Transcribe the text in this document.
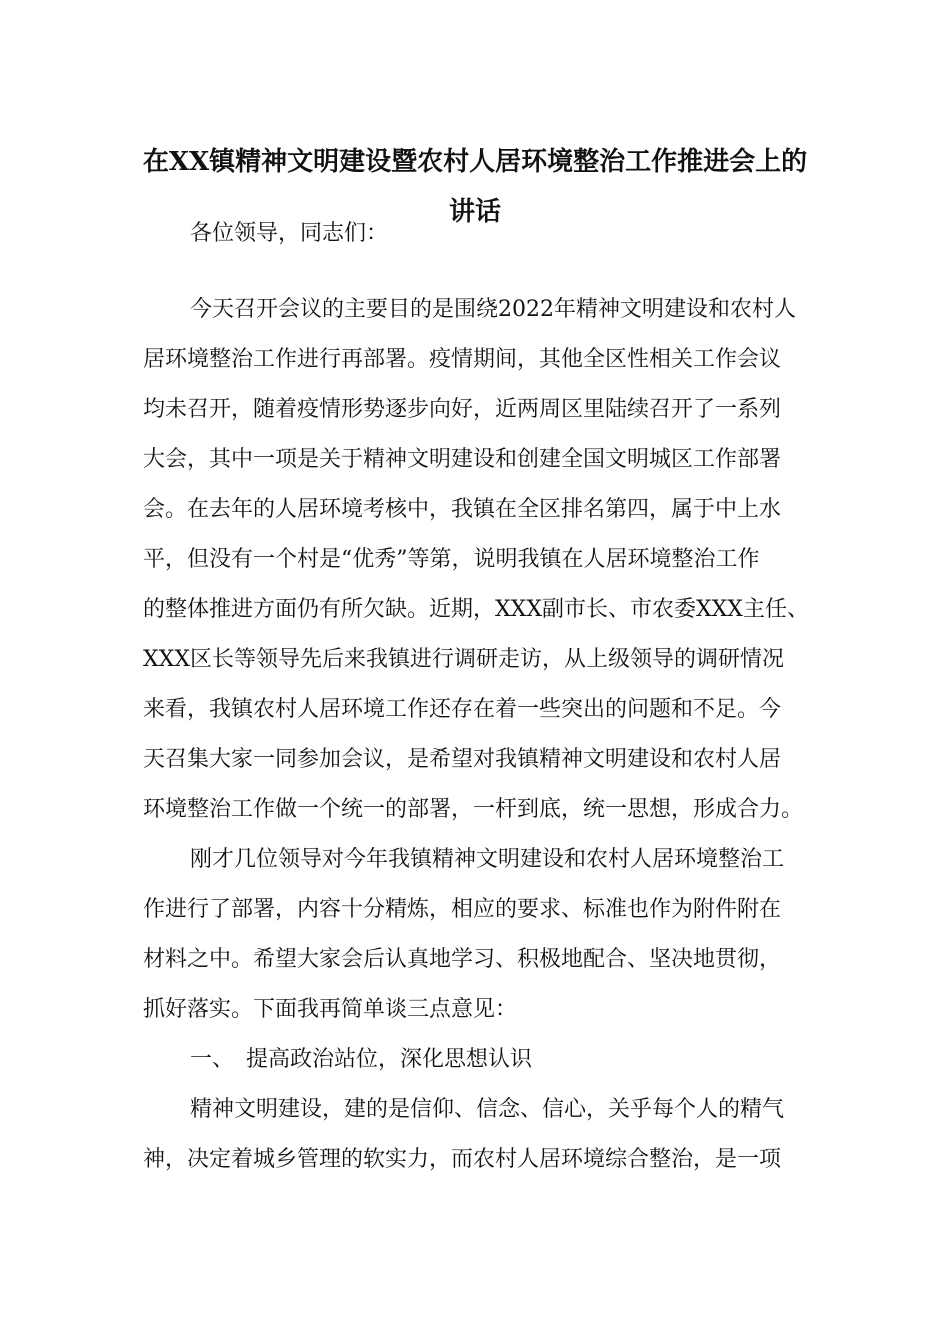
在XX镇精神文明建设暨农村人居环境整治工作推进会上的
讲话

各位领导，同志们：

今天召开会议的主要目的是围绕2022年精神文明建设和农村人

居环境整治工作进行再部署。疫情期间，其他全区性相关工作会议

均未召开，随着疫情形势逐步向好，近两周区里陆续召开了一系列

大会，其中一项是关于精神文明建设和创建全国文明城区工作部署

会。在去年的人居环境考核中，我镇在全区排名第四，属于中上水

平，但没有一个村是“优秀”等第，说明我镇在人居环境整治工作

的整体推进方面仍有所欠缺。近期，XXX副市长、市农委XXX主任、

XXX区长等领导先后来我镇进行调研走访，从上级领导的调研情况

来看，我镇农村人居环境工作还存在着一些突出的问题和不足。今

天召集大家一同参加会议，是希望对我镇精神文明建设和农村人居

环境整治工作做一个统一的部署，一杆到底，统一思想，形成合力。

刚才几位领导对今年我镇精神文明建设和农村人居环境整治工

作进行了部署，内容十分精炼，相应的要求、标准也作为附件附在

材料之中。希望大家会后认真地学习、积极地配合、坚决地贯彻，

抓好落实。下面我再简单谈三点意见：

一、 提高政治站位，深化思想认识

精神文明建设，建的是信仰、信念、信心，关乎每个人的精气

神，决定着城乡管理的软实力，而农村人居环境综合整治，是一项
